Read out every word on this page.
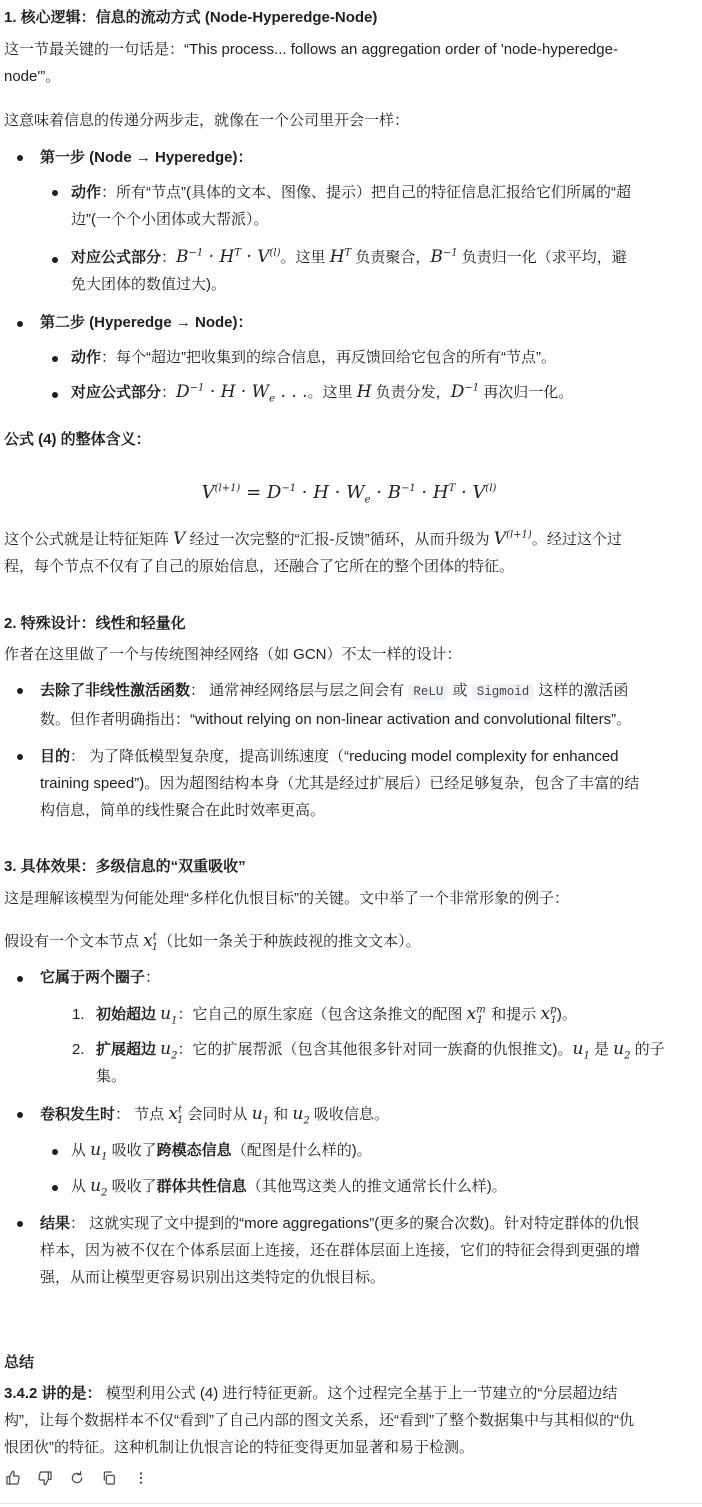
1. 核心逻辑：信息的流动方式 (Node-Hyperedge-Node)

这一节最关键的一句话是：“This process... follows an aggregation order of 'node-hyperedge-
node'”。

这意味着信息的传递分两步走，就像在一个公司里开会一样：

第一步 (Node → Hyperedge)：
动作：所有“节点”(具体的文本、图像、提示）把自己的特征信息汇报给它们所属的“超
边”(一个个小团体或大帮派）。
对应公式部分：$B^{-1} \cdot H^T \cdot V^{(l)}$。这里 $H^T$ 负责聚合，$B^{-1}$ 负责归一化（求平均，避
免大团体的数值过大)。
第二步 (Hyperedge → Node)：
动作：每个“超边”把收集到的综合信息，再反馈回给它包含的所有“节点”。
对应公式部分：$D^{-1} \cdot H \cdot W_e$ . . .。这里 H 负责分发，$D^{-1}$ 再次归一化。

公式 (4) 的整体含义：

$V^{(l+1)} = D^{-1} \cdot H \cdot W_e \cdot B^{-1} \cdot H^T \cdot V^{(l)}$

这个公式就是让特征矩阵 V 经过一次完整的“汇报-反馈”循环，从而升级为 $V^{(l+1)}$。经过这个过
程，每个节点不仅有了自己的原始信息，还融合了它所在的整个团体的特征。

2. 特殊设计：线性和轻量化

作者在这里做了一个与传统图神经网络（如 GCN）不太一样的设计：

去除了非线性激活函数： 通常神经网络层与层之间会有 ReLU 或 Sigmoid 这样的激活函
数。但作者明确指出：“without relying on non-linear activation and convolutional filters”。
目的： 为了降低模型复杂度，提高训练速度（“reducing model complexity for enhanced
training speed”)。因为超图结构本身（尤其是经过扩展后）已经足够复杂，包含了丰富的结
构信息，简单的线性聚合在此时效率更高。

3. 具体效果：多级信息的“双重吸收”

这是理解该模型为何能处理“多样化仇恨目标”的关键。文中举了一个非常形象的例子：

假设有一个文本节点 $x^t_1$（比如一条关于种族歧视的推文文本）。

它属于两个圈子：
1. 初始超边 $u_1$：它自己的原生家庭（包含这条推文的配图 $x^m_1$ 和提示 $x^p_1$)。
2. 扩展超边 $u_2$：它的扩展帮派（包含其他很多针对同一族裔的仇恨推文)。$u_1$ 是 $u_2$ 的子
集。
卷积发生时： 节点 $x^t_1$ 会同时从 $u_1$ 和 $u_2$ 吸收信息。
从 $u_1$ 吸收了跨模态信息（配图是什么样的)。
从 $u_2$ 吸收了群体共性信息（其他骂这类人的推文通常长什么样)。
结果： 这就实现了文中提到的“more aggregations”(更多的聚合次数)。针对特定群体的仇恨
样本，因为被不仅在个体系层面上连接，还在群体层面上连接，它们的特征会得到更强的增
强，从而让模型更容易识别出这类特定的仇恨目标。

总结

3.4.2 讲的是： 模型利用公式 (4) 进行特征更新。这个过程完全基于上一节建立的“分层超边结
构”，让每个数据样本不仅“看到”了自己内部的图文关系，还“看到”了整个数据集中与其相似的“仇
恨团伙”的特征。这种机制让仇恨言论的特征变得更加显著和易于检测。
